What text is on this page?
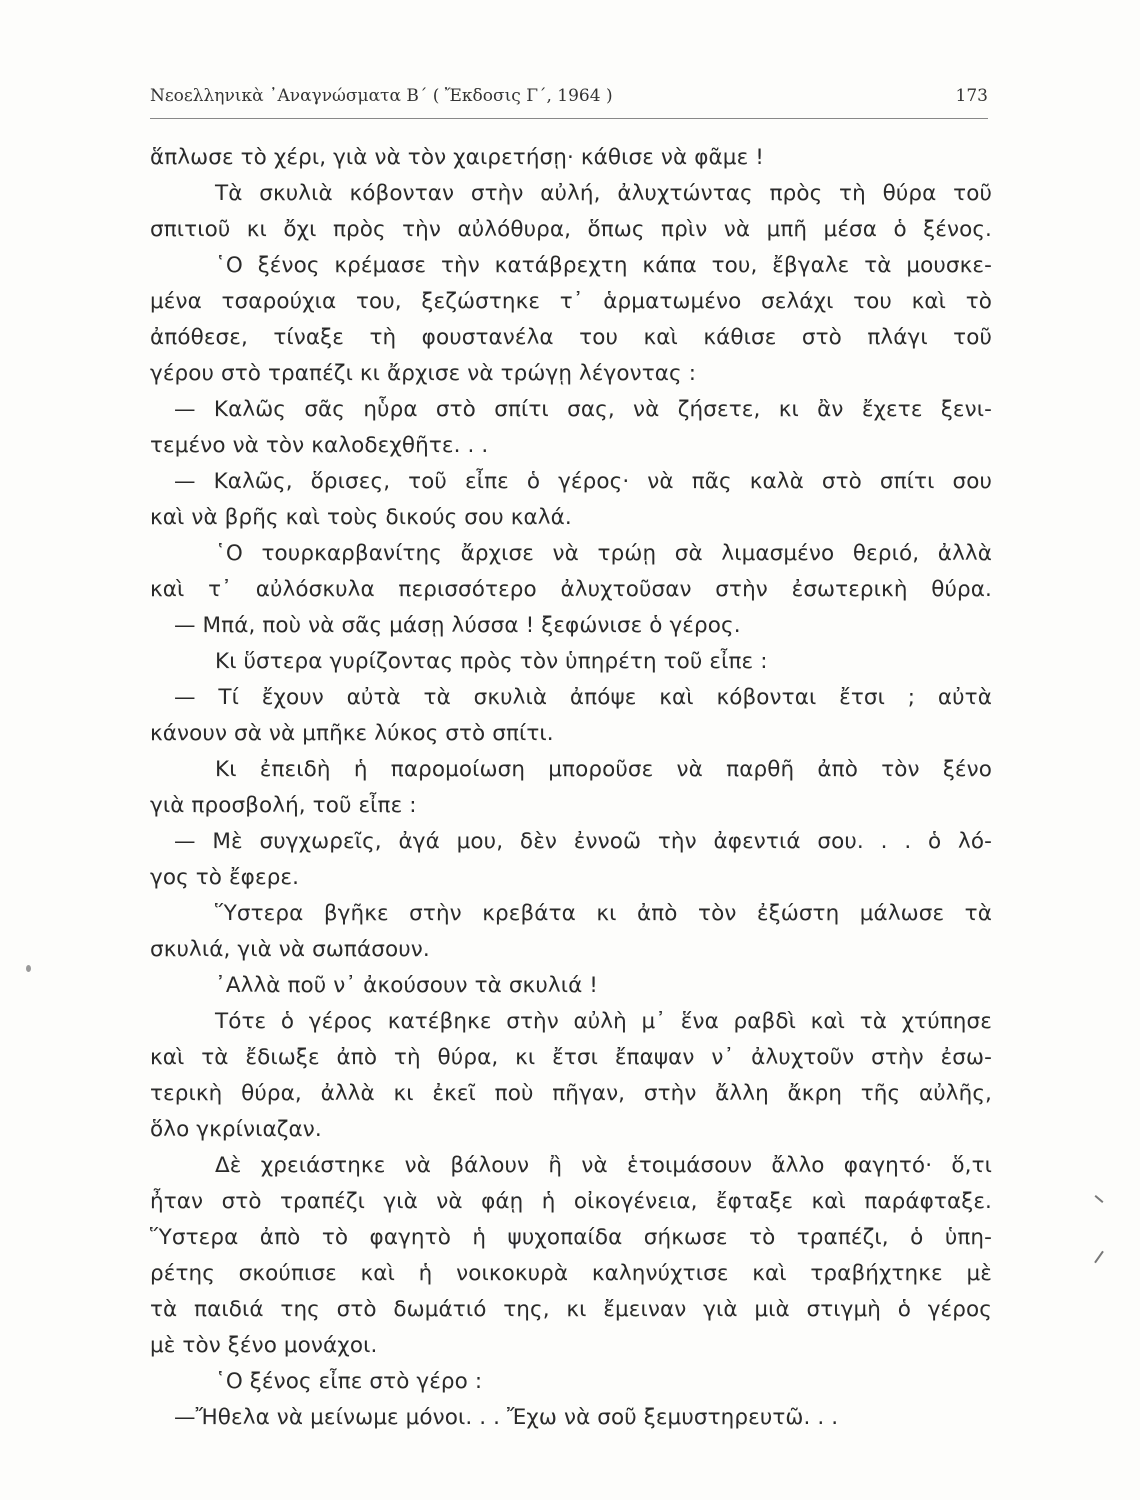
Νεοελληνικὰ ᾿Αναγνώσματα Β΄ ( Ἔκδοσις Γ΄, 1964 )	173
ἅπλωσε τὸ χέρι, γιὰ νὰ τὸν χαιρετήσῃ· κάθισε νὰ φᾶμε !
Τὰ σκυλιὰ κόβονταν στὴν αὐλή, ἀλυχτώντας πρὸς τὴ θύρα τοῦ
σπιτιοῦ κι ὄχι πρὸς τὴν αὐλόθυρα, ὅπως πρὶν νὰ μπῆ μέσα ὁ ξένος.
῾Ο ξένος κρέμασε τὴν κατάβρεχτη κάπα του, ἔβγαλε τὰ μουσκε-
μένα τσαρούχια του, ξεζώστηκε τ᾿ ἁρματωμένο σελάχι του καὶ τὸ
ἀπόθεσε, τίναξε τὴ φουστανέλα του καὶ κάθισε στὸ πλάγι τοῦ
γέρου στὸ τραπέζι κι ἄρχισε νὰ τρώγῃ λέγοντας :
— Καλῶς σᾶς ηὗρα στὸ σπίτι σας, νὰ ζήσετε, κι ἂν ἔχετε ξενι-
τεμένο νὰ τὸν καλοδεχθῆτε. . .
— Καλῶς, ὅρισες, τοῦ εἶπε ὁ γέρος· νὰ πᾶς καλὰ στὸ σπίτι σου
καὶ νὰ βρῆς καὶ τοὺς δικούς σου καλά.
῾Ο τουρκαρβανίτης ἄρχισε νὰ τρώῃ σὰ λιμασμένο θεριό, ἀλλὰ
καὶ τ᾿ αὐλόσκυλα περισσότερο ἀλυχτοῦσαν στὴν ἐσωτερικὴ θύρα.
— Μπά, ποὺ νὰ σᾶς μάσῃ λύσσα ! ξεφώνισε ὁ γέρος.
Κι ὕστερα γυρίζοντας πρὸς τὸν ὑπηρέτη τοῦ εἶπε :
— Τί ἔχουν αὐτὰ τὰ σκυλιὰ ἀπόψε καὶ κόβονται ἔτσι ; αὐτὰ
κάνουν σὰ νὰ μπῆκε λύκος στὸ σπίτι.
Κι ἐπειδὴ ἡ παρομοίωση μποροῦσε νὰ παρθῆ ἀπὸ τὸν ξένο
γιὰ προσβολή, τοῦ εἶπε :
— Μὲ συγχωρεῖς, ἀγά μου, δὲν ἐννοῶ τὴν ἀφεντιά σου. . . ὁ λό-
γος τὸ ἔφερε.
Ὕστερα βγῆκε στὴν κρεβάτα κι ἀπὸ τὸν ἐξώστη μάλωσε τὰ
σκυλιά, γιὰ νὰ σωπάσουν.
᾿Αλλὰ ποῦ ν᾿ ἀκούσουν τὰ σκυλιά !
Τότε ὁ γέρος κατέβηκε στὴν αὐλὴ μ᾿ ἕνα ραβδὶ καὶ τὰ χτύπησε
καὶ τὰ ἔδιωξε ἀπὸ τὴ θύρα, κι ἔτσι ἔπαψαν ν᾿ ἀλυχτοῦν στὴν ἐσω-
τερικὴ θύρα, ἀλλὰ κι ἐκεῖ ποὺ πῆγαν, στὴν ἄλλη ἄκρη τῆς αὐλῆς,
ὅλο γκρίνιαζαν.
Δὲ χρειάστηκε νὰ βάλουν ἢ νὰ ἑτοιμάσουν ἄλλο φαγητό· ὅ,τι
ἦταν στὸ τραπέζι γιὰ νὰ φάῃ ἡ οἰκογένεια, ἔφταξε καὶ παράφταξε.
Ὕστερα ἀπὸ τὸ φαγητὸ ἡ ψυχοπαίδα σήκωσε τὸ τραπέζι, ὁ ὑπη-
ρέτης σκούπισε καὶ ἡ νοικοκυρὰ καληνύχτισε καὶ τραβήχτηκε μὲ
τὰ παιδιά της στὸ δωμάτιό της, κι ἔμειναν γιὰ μιὰ στιγμὴ ὁ γέρος
μὲ τὸν ξένο μονάχοι.
῾Ο ξένος εἶπε στὸ γέρο :
—Ἤθελα νὰ μείνωμε μόνοι. . . Ἔχω νὰ σοῦ ξεμυστηρευτῶ. . .
